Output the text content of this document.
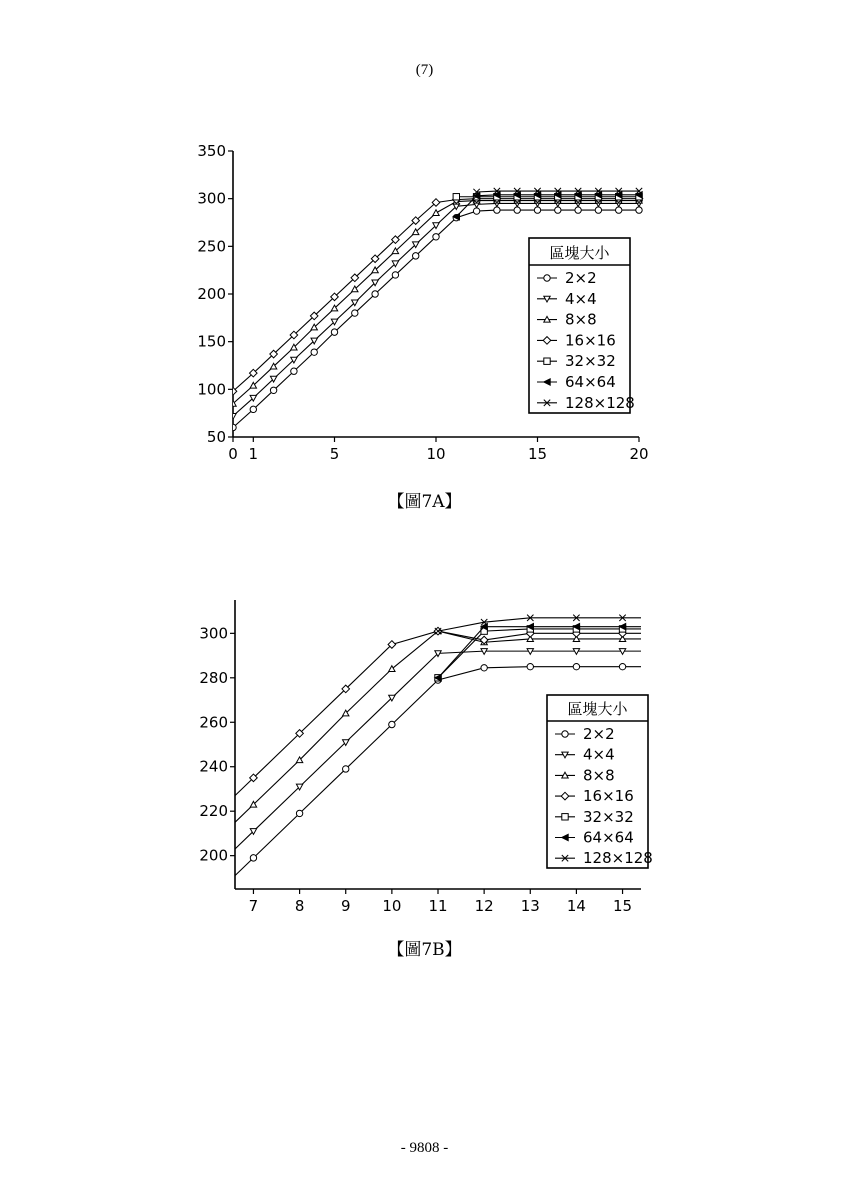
(7)
50
100
150
200
250
300
350
0 1	5	10	15	20
區塊大小
2×2
4×4
8×8
16×16
32×32
64×64
128×128
【圖7A】
200
220
240
260
280
300
7 8 9 10 11 12 13 14 15
區塊大小
2×2
4×4
8×8
16×16
32×32
64×64
128×128
【圖7B】
- 9808 -
